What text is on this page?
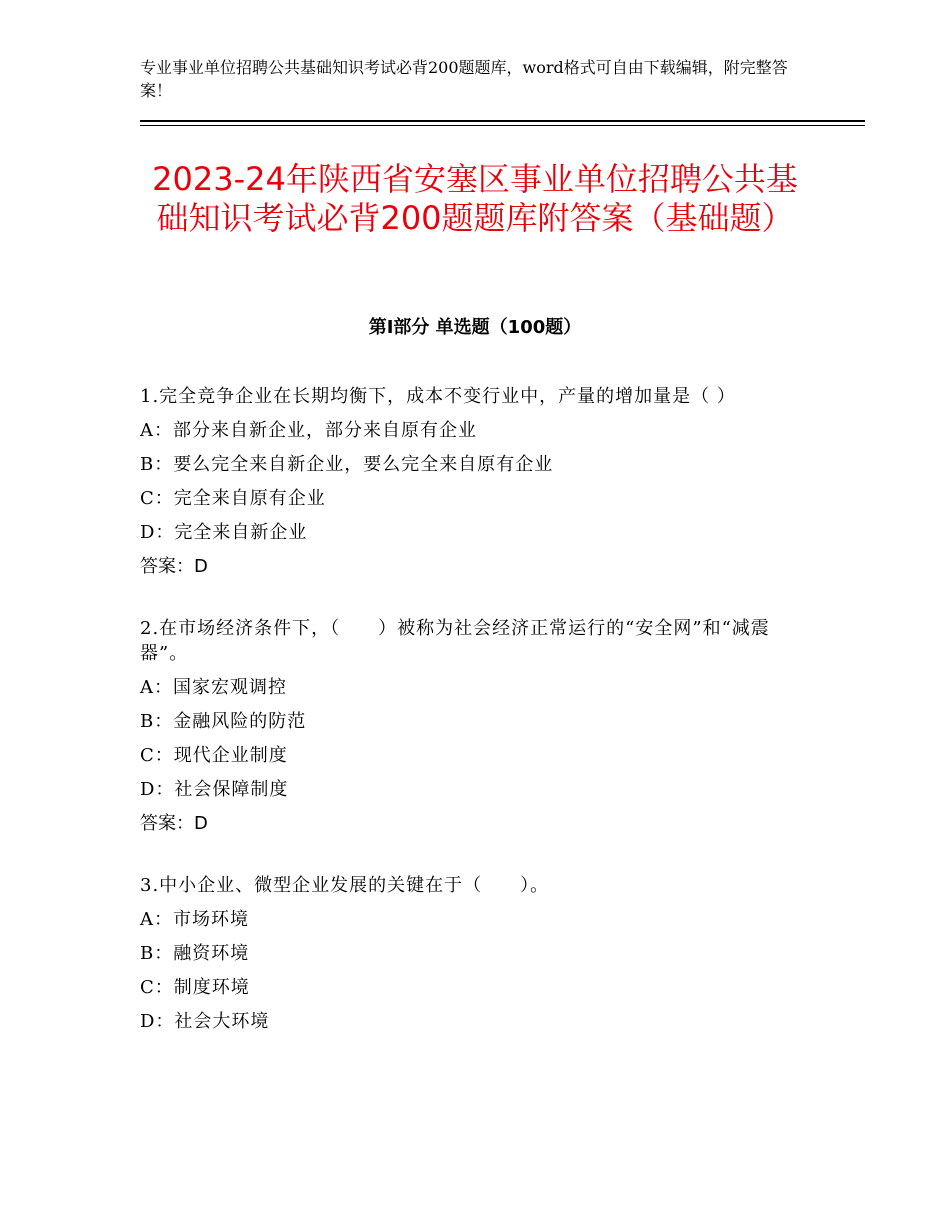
专业事业单位招聘公共基础知识考试必背200题题库，word格式可自由下载编辑，附完整答案！
2023-24年陕西省安塞区事业单位招聘公共基础知识考试必背200题题库附答案（基础题）
第Ⅰ部分 单选题（100题）
1.完全竞争企业在长期均衡下，成本不变行业中，产量的增加量是（ ）
A：部分来自新企业，部分来自原有企业
B：要么完全来自新企业，要么完全来自原有企业
C：完全来自原有企业
D：完全来自新企业
答案：D
2.在市场经济条件下，（　　）被称为社会经济正常运行的“安全网”和“减震器”。
A：国家宏观调控
B：金融风险的防范
C：现代企业制度
D：社会保障制度
答案：D
3.中小企业、微型企业发展的关键在于（　　）。
A：市场环境
B：融资环境
C：制度环境
D：社会大环境
